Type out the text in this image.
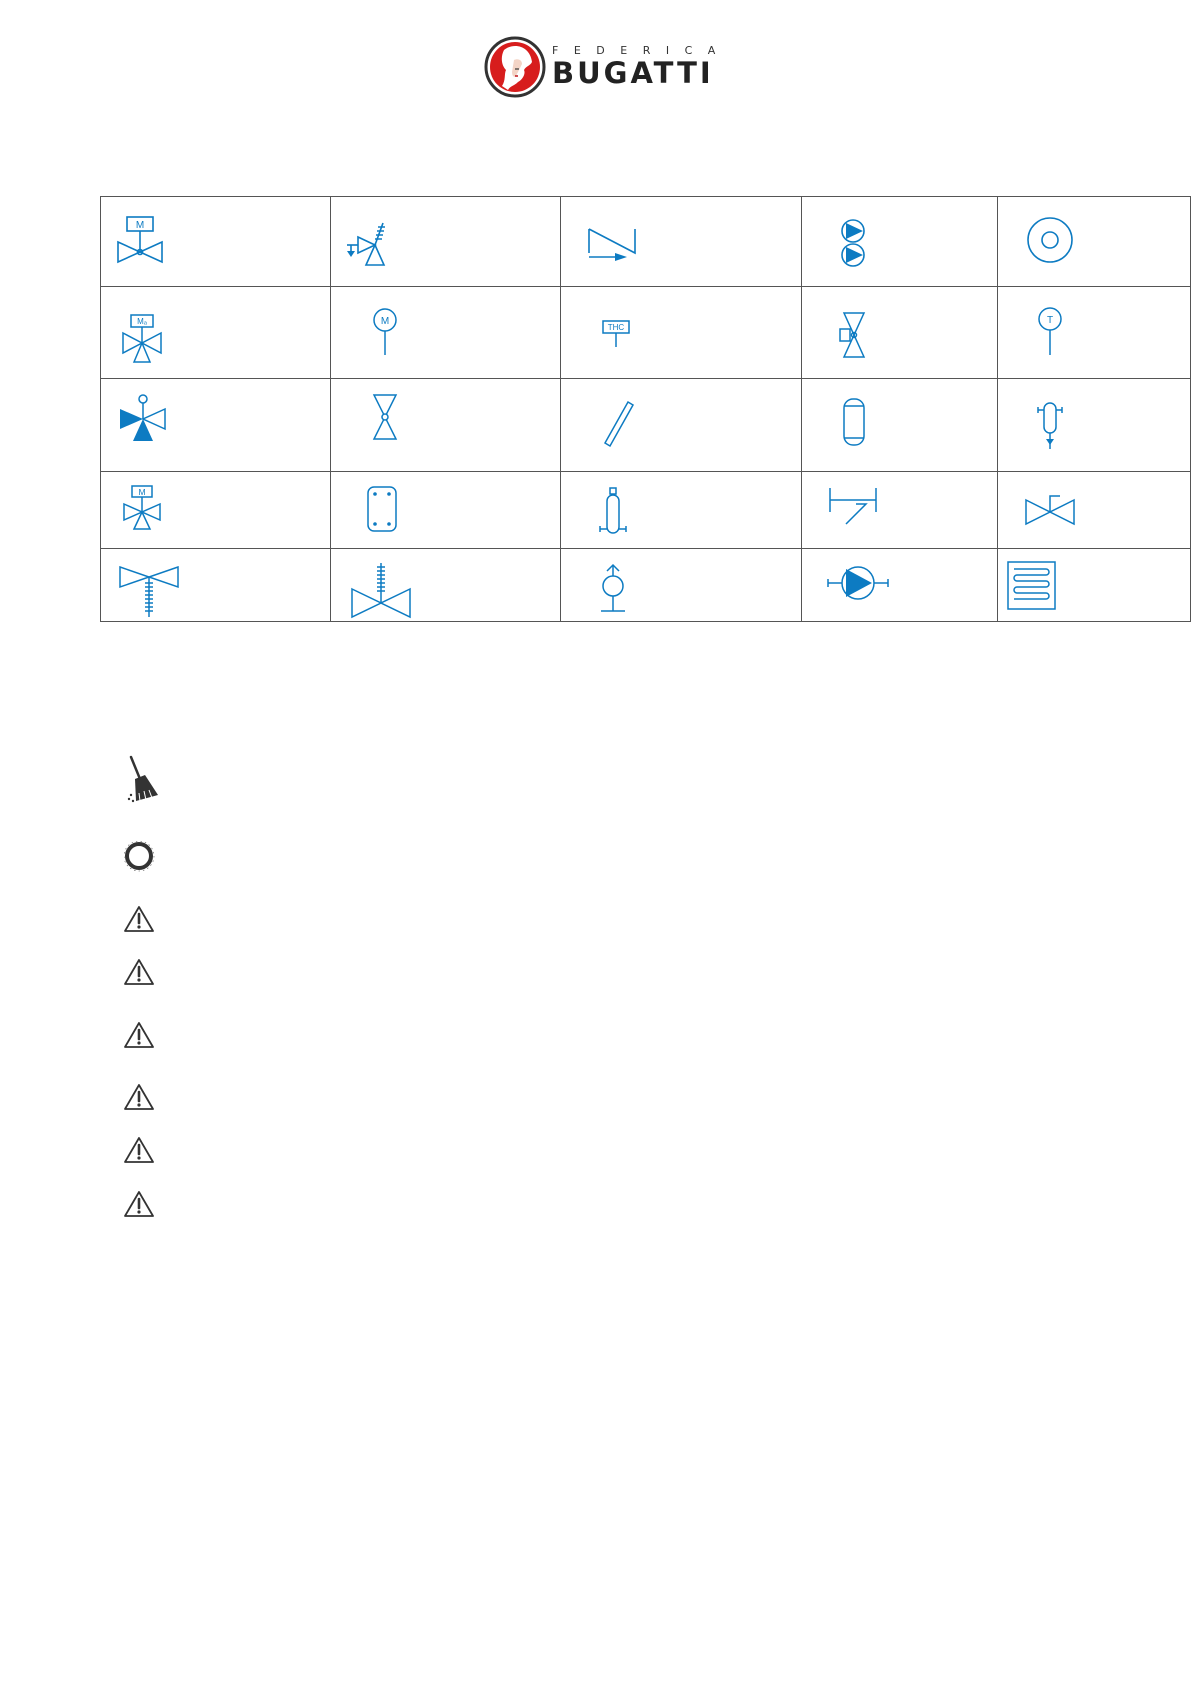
FEDERICA
BUGATTI
M

Mₐ	M	THC		T

M
